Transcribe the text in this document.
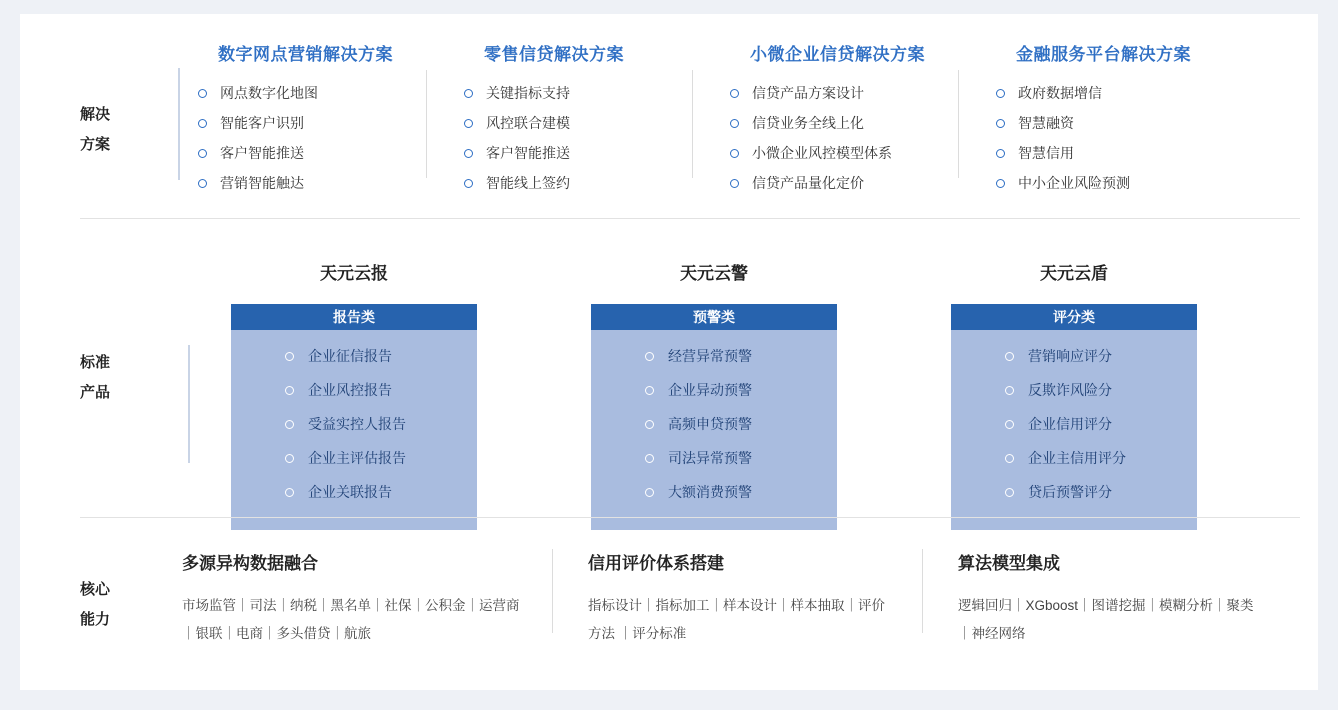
解决
方案
数字网点营销解决方案
网点数字化地图
智能客户识别
客户智能推送
营销智能触达
零售信贷解决方案
关键指标支持
风控联合建模
客户智能推送
智能线上签约
小微企业信贷解决方案
信贷产品方案设计
信贷业务全线上化
小微企业风控模型体系
信贷产品量化定价
金融服务平台解决方案
政府数据增信
智慧融资
智慧信用
中小企业风险预测
标准
产品
天元云报
报告类
企业征信报告
企业风控报告
受益实控人报告
企业主评估报告
企业关联报告
天元云警
预警类
经营异常预警
企业异动预警
高频申贷预警
司法异常预警
大额消费预警
天元云盾
评分类
营销响应评分
反欺诈风险分
企业信用评分
企业主信用评分
贷后预警评分
核心
能力
多源异构数据融合
市场监管｜司法｜纳税｜黑名单｜社保｜公积金｜运营商｜银联｜电商｜多头借贷｜航旅
信用评价体系搭建
指标设计｜指标加工｜样本设计｜样本抽取｜评价方法 ｜评分标准
算法模型集成
逻辑回归｜XGboost｜图谱挖掘｜模糊分析｜聚类｜神经网络
